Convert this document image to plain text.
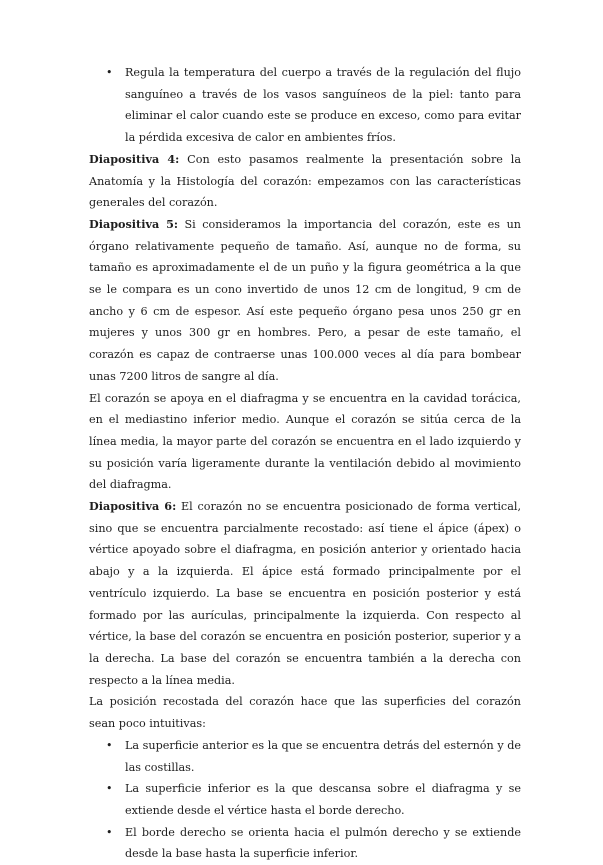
• Regula la temperatura del cuerpo a través de la regulación del flujo sanguíneo a través de los vasos sanguíneos de la piel: tanto para eliminar el calor cuando este se produce en exceso, como para evitar la pérdida excesiva de calor en ambientes fríos.

Diapositiva 4: Con esto pasamos realmente la presentación sobre la Anatomía y la Histología del corazón: empezamos con las características generales del corazón.

Diapositiva 5: Si consideramos la importancia del corazón, este es un órgano relativamente pequeño de tamaño. Así, aunque no de forma, su tamaño es aproximadamente el de un puño y la figura geométrica a la que se le compara es un cono invertido de unos 12 cm de longitud, 9 cm de ancho y 6 cm de espesor. Así este pequeño órgano pesa unos 250 gr en mujeres y unos 300 gr en hombres. Pero, a pesar de este tamaño, el corazón es capaz de contraerse unas 100.000 veces al día para bombear unas 7200 litros de sangre al día.

El corazón se apoya en el diafragma y se encuentra en la cavidad torácica, en el mediastino inferior medio. Aunque el corazón se sitúa cerca de la línea media, la mayor parte del corazón se encuentra en el lado izquierdo y su posición varía ligeramente durante la ventilación debido al movimiento del diafragma.

Diapositiva 6: El corazón no se encuentra posicionado de forma vertical, sino que se encuentra parcialmente recostado: así tiene el ápice (ápex) o vértice apoyado sobre el diafragma, en posición anterior y orientado hacia abajo y a la izquierda. El ápice está formado principalmente por el ventrículo izquierdo. La base se encuentra en posición posterior y está formado por las aurículas, principalmente la izquierda. Con respecto al vértice, la base del corazón se encuentra en posición posterior, superior y a la derecha. La base del corazón se encuentra también a la derecha con respecto a la línea media.

La posición recostada del corazón hace que las superficies del corazón sean poco intuitivas:

• La superficie anterior es la que se encuentra detrás del esternón y de las costillas.
• La superficie inferior es la que descansa sobre el diafragma y se extiende desde el vértice hasta el borde derecho.
• El borde derecho se orienta hacia el pulmón derecho y se extiende desde la base hasta la superficie inferior.
